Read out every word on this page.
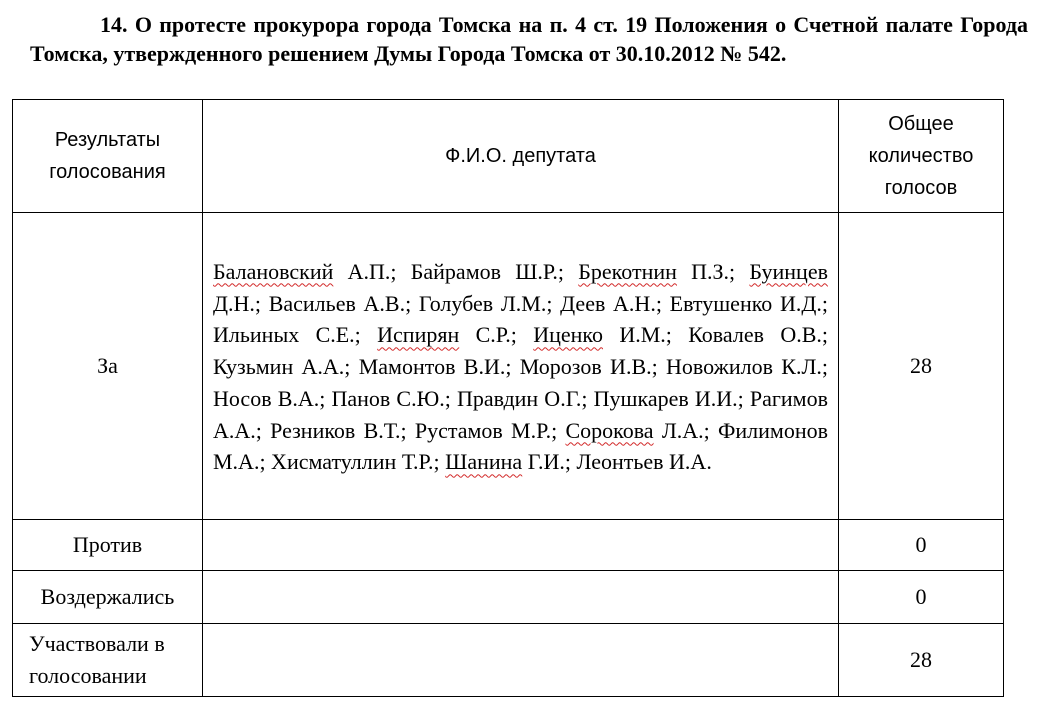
14. О протесте прокурора города Томска на п. 4 ст. 19 Положения о Счетной палате Города Томска, утвержденного решением Думы Города Томска от 30.10.2012 № 542.
Результаты голосования	Ф.И.О. депутата	Общее количество голосов
За	Балановский А.П.; Байрамов Ш.Р.; Брекотнин П.З.; Буинцев Д.Н.; Васильев А.В.; Голубев Л.М.; Деев А.Н.; Евтушенко И.Д.; Ильиных С.Е.; Испирян С.Р.; Иценко И.М.; Ковалев О.В.; Кузьмин А.А.; Мамонтов В.И.; Морозов И.В.; Новожилов К.Л.; Носов В.А.; Панов С.Ю.; Правдин О.Г.; Пушкарев И.И.; Рагимов А.А.; Резников В.Т.; Рустамов М.Р.; Сорокова Л.А.; Филимонов М.А.; Хисматуллин Т.Р.; Шанина Г.И.; Леонтьев И.А.	28
Против		0
Воздержались		0
Участвовали в голосовании		28
